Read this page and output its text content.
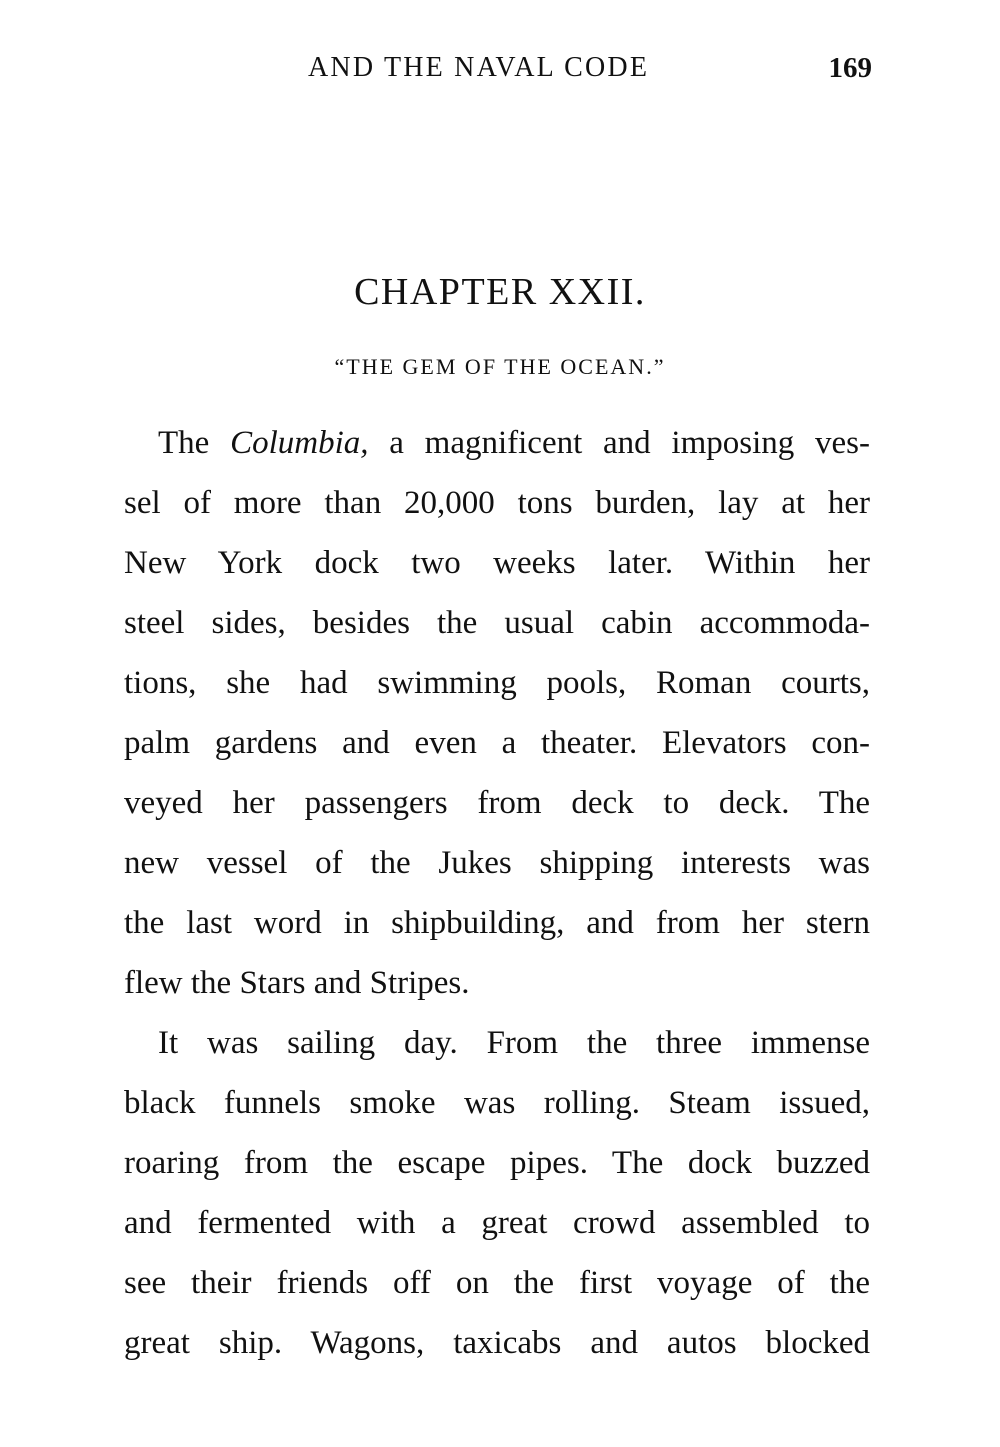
AND THE NAVAL CODE	169
CHAPTER XXII.
“THE GEM OF THE OCEAN.”
The Columbia, a magnificent and imposing ves-
sel of more than 20,000 tons burden, lay at her
New York dock two weeks later. Within her
steel sides, besides the usual cabin accommoda-
tions, she had swimming pools, Roman courts,
palm gardens and even a theater. Elevators con-
veyed her passengers from deck to deck. The
new vessel of the Jukes shipping interests was
the last word in shipbuilding, and from her stern
flew the Stars and Stripes.
It was sailing day. From the three immense
black funnels smoke was rolling. Steam issued,
roaring from the escape pipes. The dock buzzed
and fermented with a great crowd assembled to
see their friends off on the first voyage of the
great ship. Wagons, taxicabs and autos blocked
